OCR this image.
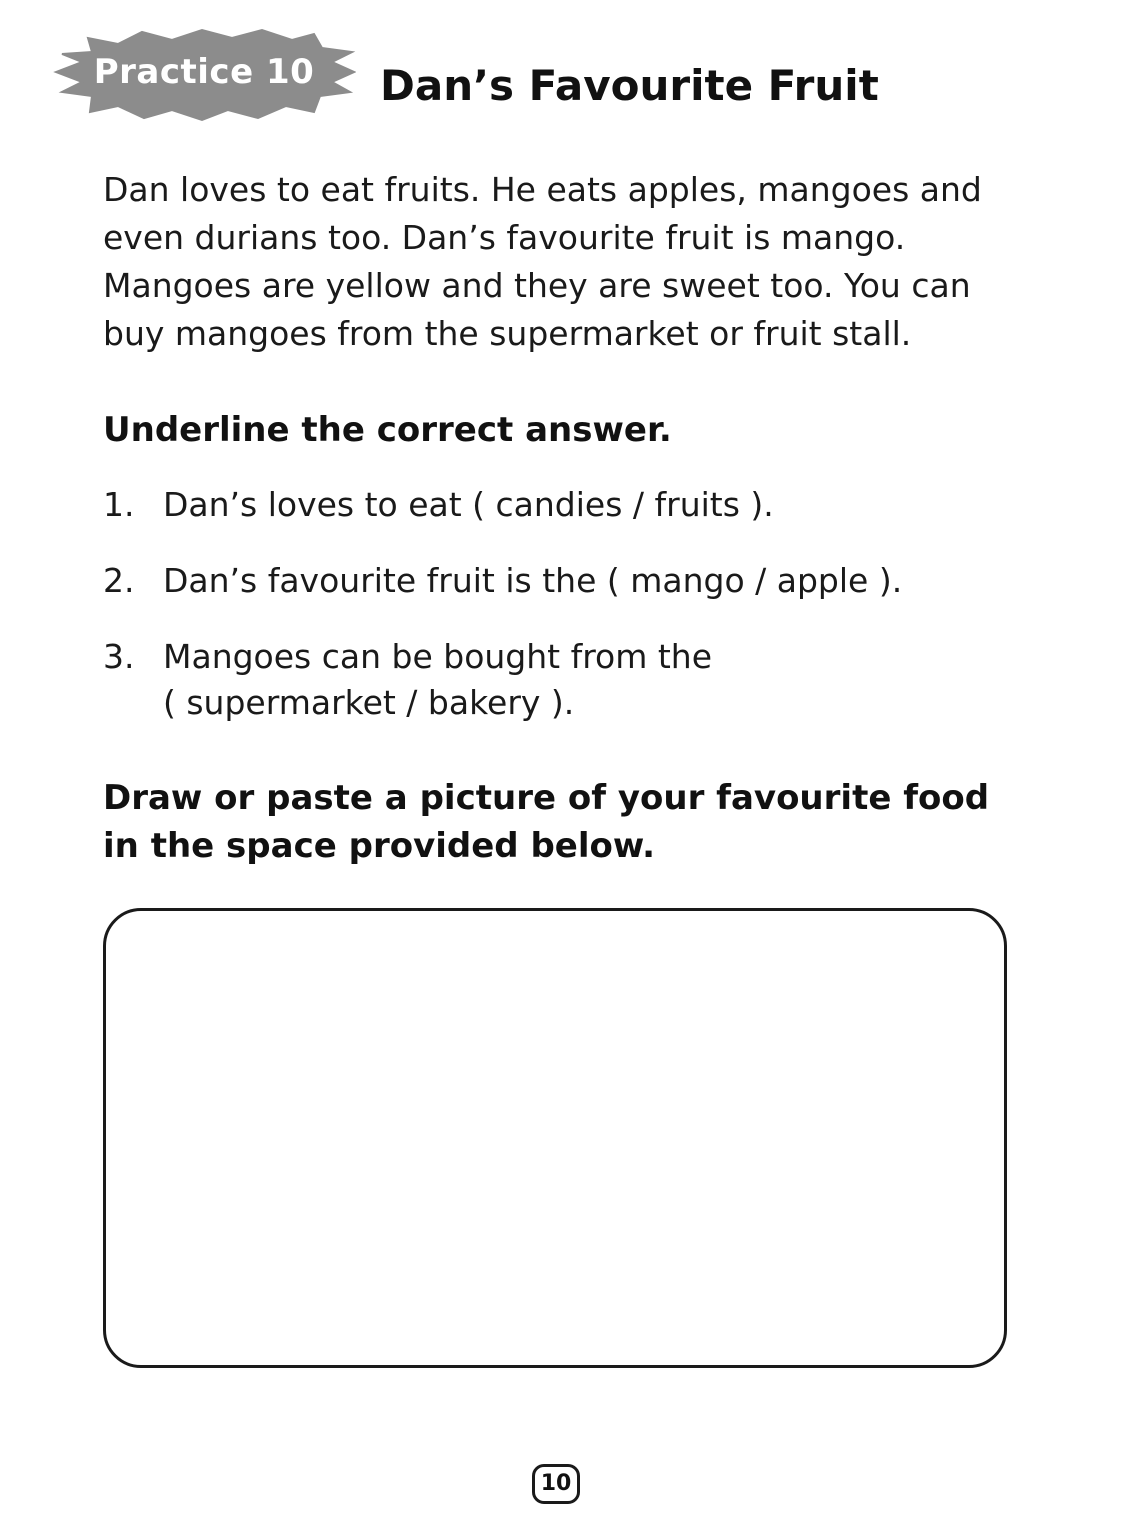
Practice 10	Dan’s Favourite Fruit

Dan loves to eat fruits. He eats apples, mangoes and even durians too. Dan’s favourite fruit is mango. Mangoes are yellow and they are sweet too. You can buy mangoes from the supermarket or fruit stall.

Underline the correct answer.
1. Dan’s loves to eat ( candies / fruits ).
2. Dan’s favourite fruit is the ( mango / apple ).
3. Mangoes can be bought from the
( supermarket / bakery ).
Draw or paste a picture of your favourite food in the space provided below.
10
